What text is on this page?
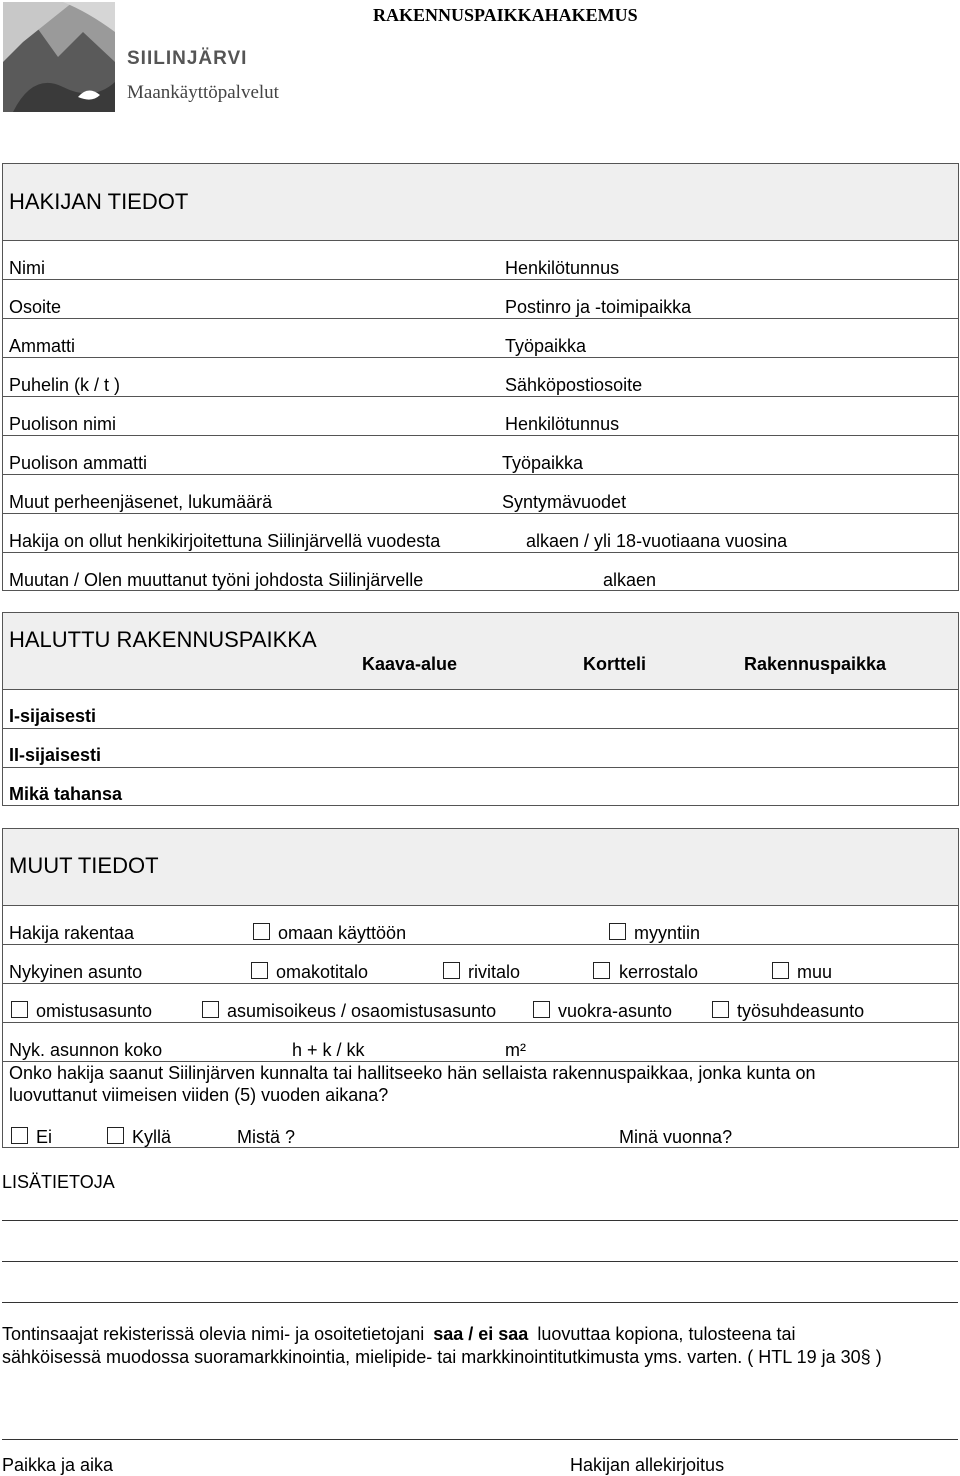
SIILINJÄRVI
Maankäyttöpalvelut
RAKENNUSPAIKKAHAKEMUS
HAKIJAN TIEDOT
Nimi	Henkilötunnus
Osoite	Postinro ja -toimipaikka
Ammatti	Työpaikka
Puhelin (k / t )	Sähköpostiosoite
Puolison nimi	Henkilötunnus
Puolison ammatti	Työpaikka
Muut perheenjäsenet, lukumäärä	Syntymävuodet
Hakija on ollut henkikirjoitettuna Siilinjärvellä vuodesta	alkaen / yli 18-vuotiaana vuosina
Muutan / Olen muuttanut työni johdosta Siilinjärvelle	alkaen
HALUTTU RAKENNUSPAIKKA
Kaava-alue	Kortteli	Rakennuspaikka
I-sijaisesti
II-sijaisesti
Mikä tahansa
MUUT TIEDOT
Hakija rakentaa	omaan käyttöön	myyntiin
Nykyinen asunto	omakotitalo	rivitalo	kerrostalo	muu
omistusasunto	asumisoikeus / osaomistusasunto	vuokra-asunto	työsuhdeasunto
Nyk. asunnon koko	h + k / kk	m²
Onko hakija saanut Siilinjärven kunnalta tai hallitseeko hän sellaista rakennuspaikkaa, jonka kunta on luovuttanut viimeisen viiden (5) vuoden aikana?
Ei	Kyllä	Mistä ?	Minä vuonna?
LISÄTIETOJA
Tontinsaajat rekisterissä olevia nimi- ja osoitetietojani saa / ei saa luovuttaa kopiona, tulosteena tai
sähköisessä muodossa suoramarkkinointia, mielipide- tai markkinointitutkimusta yms. varten. ( HTL 19 ja 30§ )
Paikka ja aika	Hakijan allekirjoitus
